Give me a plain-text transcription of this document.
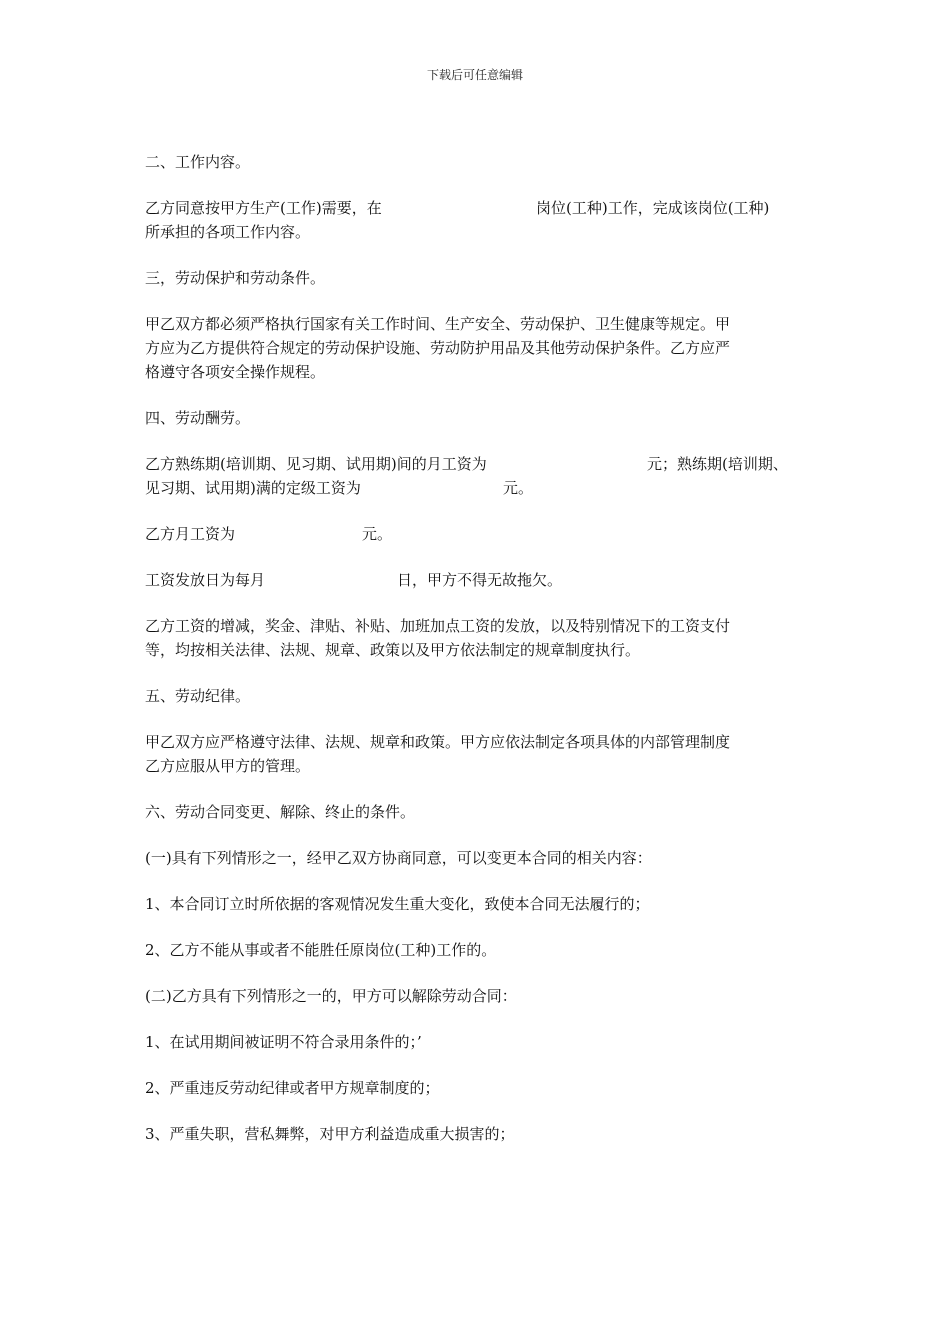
下载后可任意编辑
二、工作内容。
乙方同意按甲方生产(工作)需要，在	岗位(工种)工作，完成该岗位(工种)
所承担的各项工作内容。
三，劳动保护和劳动条件。
甲乙双方都必须严格执行国家有关工作时间、生产安全、劳动保护、卫生健康等规定。甲
方应为乙方提供符合规定的劳动保护设施、劳动防护用品及其他劳动保护条件。乙方应严
格遵守各项安全操作规程。
四、劳动酬劳。
乙方熟练期(培训期、见习期、试用期)间的月工资为	元；熟练期(培训期、
见习期、试用期)满的定级工资为	元。
乙方月工资为	元。
工资发放日为每月	日，甲方不得无故拖欠。
乙方工资的增减，奖金、津贴、补贴、加班加点工资的发放，以及特别情况下的工资支付
等，均按相关法律、法规、规章、政策以及甲方依法制定的规章制度执行。
五、劳动纪律。
甲乙双方应严格遵守法律、法规、规章和政策。甲方应依法制定各项具体的内部管理制度
乙方应服从甲方的管理。
六、劳动合同变更、解除、终止的条件。
(一)具有下列情形之一，经甲乙双方协商同意，可以变更本合同的相关内容：
1、本合同订立时所依据的客观情况发生重大变化，致使本合同无法履行的；
2、乙方不能从事或者不能胜任原岗位(工种)工作的。
(二)乙方具有下列情形之一的，甲方可以解除劳动合同：
1、在试用期间被证明不符合录用条件的；’
2、严重违反劳动纪律或者甲方规章制度的；
3、严重失职，营私舞弊，对甲方利益造成重大损害的；
